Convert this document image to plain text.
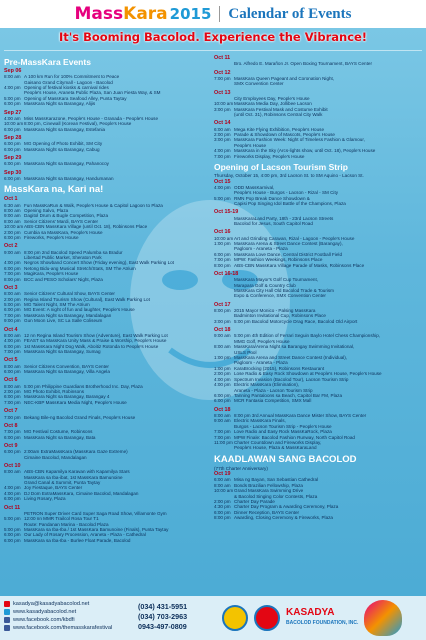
MassKara 2015 Calendar of Events
It's Booming Bacolod. Experience the Vibrance!
Pre-MassKara Events
Sep 06
8:00 am A 100 km Run for 100% Commitment to Peace
Gaisano Grand Citymall - Lagoon - Bacolod
4:00 pm Opening of festival kiosks & carnival rides
People's House, Araneta Public Plaza, San Juan Fiesta Way, & SM
5:00 pm Opening of MassKara Seafood Alley, Punta Taytay
6:00 pm MassKara Night sa Barangay, Alijis
Sep 27
4:00 am Miss MassKarazone, People's House - Granada - People's House
10:00 am 8:00 pm, Cinewall (Korean Festival), People's House
6:00 pm MassKara Night sa Barangay, Estefania
Sep 28
6:00 pm MG Opening of Photo Exhibit, SM City
6:00 pm MassKara Night sa Barangay, Cabug
Sep 29
6:00 pm MassKara Night sa Barangay, Pahanocoy
Sep 30
6:00 pm MassKara Night sa Barangay, Handumanan
MassKara na, Kari na!
Oct 1
6:30 am Fun MassKaRun & Walk, People's House & Capitol Lagoon to Plaza
8:00 am Opening Salvo, Plaza
9:00 am Dagitol Drum & Bugle Competition, Plaza
8:00 am Senior Citizens' Mardi, BAYS Center
10:00 am ABS-CBN MassKara Village (until Oct. 18), Robinsons Place
2:00 pm Cumbia sa MassKara, People's House
6:00 pm Fireworks, People's House
Oct 2
9:00 am 8:00 pm 2nd Bacolod Speed Palumba sa Bradur
Libertad Public Market, Sheraton Park
4:00 pm Negros Showband Concert Show (Friday evening), East Walk Parking Lot
6:00 pm Netong Bidu-ang Musical Stretch/Stats, SM The Atrium
7:00 pm MagiKara, People's House
8:00 pm BCC and PESO Scholars' Night, Plaza
Oct 3
8:00 am Senior Citizens' Cultural Show, BAYS Center
2:00 pm Regina Island Tourism Show (Cultural), East Walk Parking Lot
5:00 pm MG Talent Night, SM The Atrium
6:00 pm MG Event: A night of fun and laughter, People's House
7:00 pm MassKara Night sa Barangay, Mandalagan
9:00 pm Gun Moon Live, SC La Salle Coliseum
Oct 4
8:00 am 12 nn Regina Island Tourism Show (Adventure), East Walk Parking Lot
4:00 pm FEAST sa MassKara Unity Mass & Praise & Worship, People's House
6:00 pm 1st MassKara Night Dog Walk, Aboitiz Rotonda to People's House
7:00 pm MassKara Night sa Barangay, Sumag
Oct 5
8:00 am Senior Citizens Convention, BAYS Center
6:00 pm MassKara Night sa Barangay, Villa Angela
Oct 6
8:00 am 5:00 pm Philippine Guardians Brotherhood Inc. Day, Plaza
2:00 pm MG Photo Exhibit, Robinsons
6:00 pm MassKara Night sa Barangay, Barangay 4
7:00 pm NEC-KBP MassKara Media Night, People's House
Oct 7
7:00 pm Bekang Bile-ng Bacolod Grand Finals, People's House
Oct 8
7:00 pm MG Festival Costume, Robinsons
6:00 pm MassKara Night sa Barangay, Bata
Oct 9
6:00 pm 2:00am ExtraMassKara (MassKara Gaze Extreme)
Cimaine Bacolod, Mandalagan
Oct 10
8:00 am ABS-CBN Kapamilya Karavan with Kapamilya Stars
MassKara sa Iba-ibat, 1st MassKara Bamunoine
Grand Canal & Summit, Punta Taytay
4:00 pm Joy Fiestaque, BAYS Center
4:00 pm DJ Dom ExtraMassKara, Cimaine Bacolod, Mandalagan
6:00 pm Living Rosary, Plaza
Oct 11
PETRON Super Driver Card Super Saga Road Show, Villamonte Gym
5:00 pm 12:00 nn MMR Trailcol Rosa Tour T1
Route: Pandanan Marina - Bacolod Plaza
5:00 pm MassKara sa Iba-Iba / 1st MassKara Bamunoine (Finals), Punta Taytay
6:00 pm Our Lady of Rosary Procession, Araneta - Plaza - Cathedral
6:00 pm MassKara sa Iba-Iba - Burlee Float Parade, Bacolod
Oct 11
Bro. Alfredo E. Marañon Jr. Open Boxing Tournament, BAYS Center
Oct 12
7:00 pm MassKara Queen Pageant and Coronation Night,
SMX Convention Center
Oct 13
City Employees Day, People's House
10:00 am MassKara Media Day, Jollibee Lacson
3:00 pm MassKara Festival Mask and Costume Exhibit
(until Oct. 31), Robinsons Central City Walk
Oct 14
6:00 am Mega Kite Flying Exhibition, People's House
2:00 pm Parade & Showdown of Mascots, People's House
3:00 pm MassKara Fashion Week: Night of Timeless Fashion & Glamour,
People's House
4:00 pm MassKara in the Sky (Arcs-lights show, until Oct. 18), People's House
7:00 pm Fireworks Display, People's House
Opening of Lacson Tourism Strip
Thursday, October 15, 4:00 pm, 3rd Lacson St. to SM Aquino - Lacson St.
Oct 15
4:00 pm ODD MassKarnival,
People's House - Burgos - Lacson - Rizal - SM City
5:00 pm RMN Pop Break Dance Showdown &
Capisi Pop Singing Idol Battle of the Champions, Plaza
Oct 15-19
MassKaraLand Party, 18th - 23rd Lacson Streets
Bacolod for Jesus, South Capitol Road
Oct 16
10:00 am Art and Grinding Caravan, Rizal - Lagoon - People's House
1:00 pm MassKara Arena & Street Dance Contest (Barangay),
Pagloom - Araneta - Plaza
6:00 pm MassKara Love Dance, Central District Football Field
7:00 pm MPW: Fashion Weekings, Robinsons Place
8:00 pm ABS-CBN MassKara Village Parade of Masks, Robinsons Place
Oct 16-18
MassKara Mayor's Golf Cup Tournament,
Marapara Golf & Country Club
MassKara City Hall Old Bacolod Trade & Tourism
Expo & Conference, SMX Convention Center
Oct 17
8:00 pm 2015 Mayor Monico - Palsing MassKara
Badminton Invitational Cup, Robinsons Place
3:00 pm 5:00 pm Bacolod Motorcycle Drag Race, Bacolod Old Airport
Oct 18
9:00 am 5:00 pm 4th Edition of Ferrari Seguin Baylo Hotel Chess Championship,
MMG Golf, People's House
8:00 am MassKara/Arena Night sa Barangay Swimming Invitational,
USLS Pool
1:00 pm MassKara Arena and Street Dance Contest (Individual),
Pagloom - Araneta - Plaza
1:00 pm KaraBrocking (2015), Robinsons Restaurant
2:00 pm Lose Radio & Easy Rock Showdown at People's House, People's House
4:00 pm Spectrum Invasion (Bacolod Tour), Lacson Tourism Strip
4:00 pm Electric MassKara (Elimination),
Araneta - Plaza - Lacson Tourism Strip
6:00 pm Tanning Pantaloons sa Beach, Capitol Bar FM, Plaza
6:00 pm MCR Fantasia Competition, SMX Mall
Oct 18
8:00 am 8:00 pm 3rd Annual MassKara Dance Mister Show, BAYS Center
9:00 am Electric MassKara Finals,
Burgos - Lacson Tourism Strip - People's House
7:00 pm Love Radio and Easy Rock MassKaRock, Plaza
7:00 pm MPW Finale: Bacolod Fashion Runway, North Capitol Road
11:00 pm Charter Countdown and Fireworks Display,
People's House, Plaza & MassKaraLand
KAADLAWAN SANG BACOLOD
(77th Charter Anniversary)
Oct 19
6:00 am Misa ng Bayan, San Sebastian Cathedral
8:00 am Bonds Brazilian Fellowship, Plaza
10:00 am Grand MassKara Swimming Drive
& Bacolod Singing Color Contests, Plaza
2:00 pm Charter Day Parade
4:30 pm Charter Day Program & Awarding Ceremony, Plaza
6:00 pm Dinner Reception, BAYS Center
8:00 pm Awarding, Closing Ceremony & Fireworks, Plaza
kasadya@kasadyabacolod.net
www.kasadyabacolod.net
www.facebook.com/kbdfi
www.facebook.com/themasskarafestival
(034) 431-5951
(034) 703-2963
0943-497-0809
KASADYA
BACOLOD FOUNDATION, INC.
